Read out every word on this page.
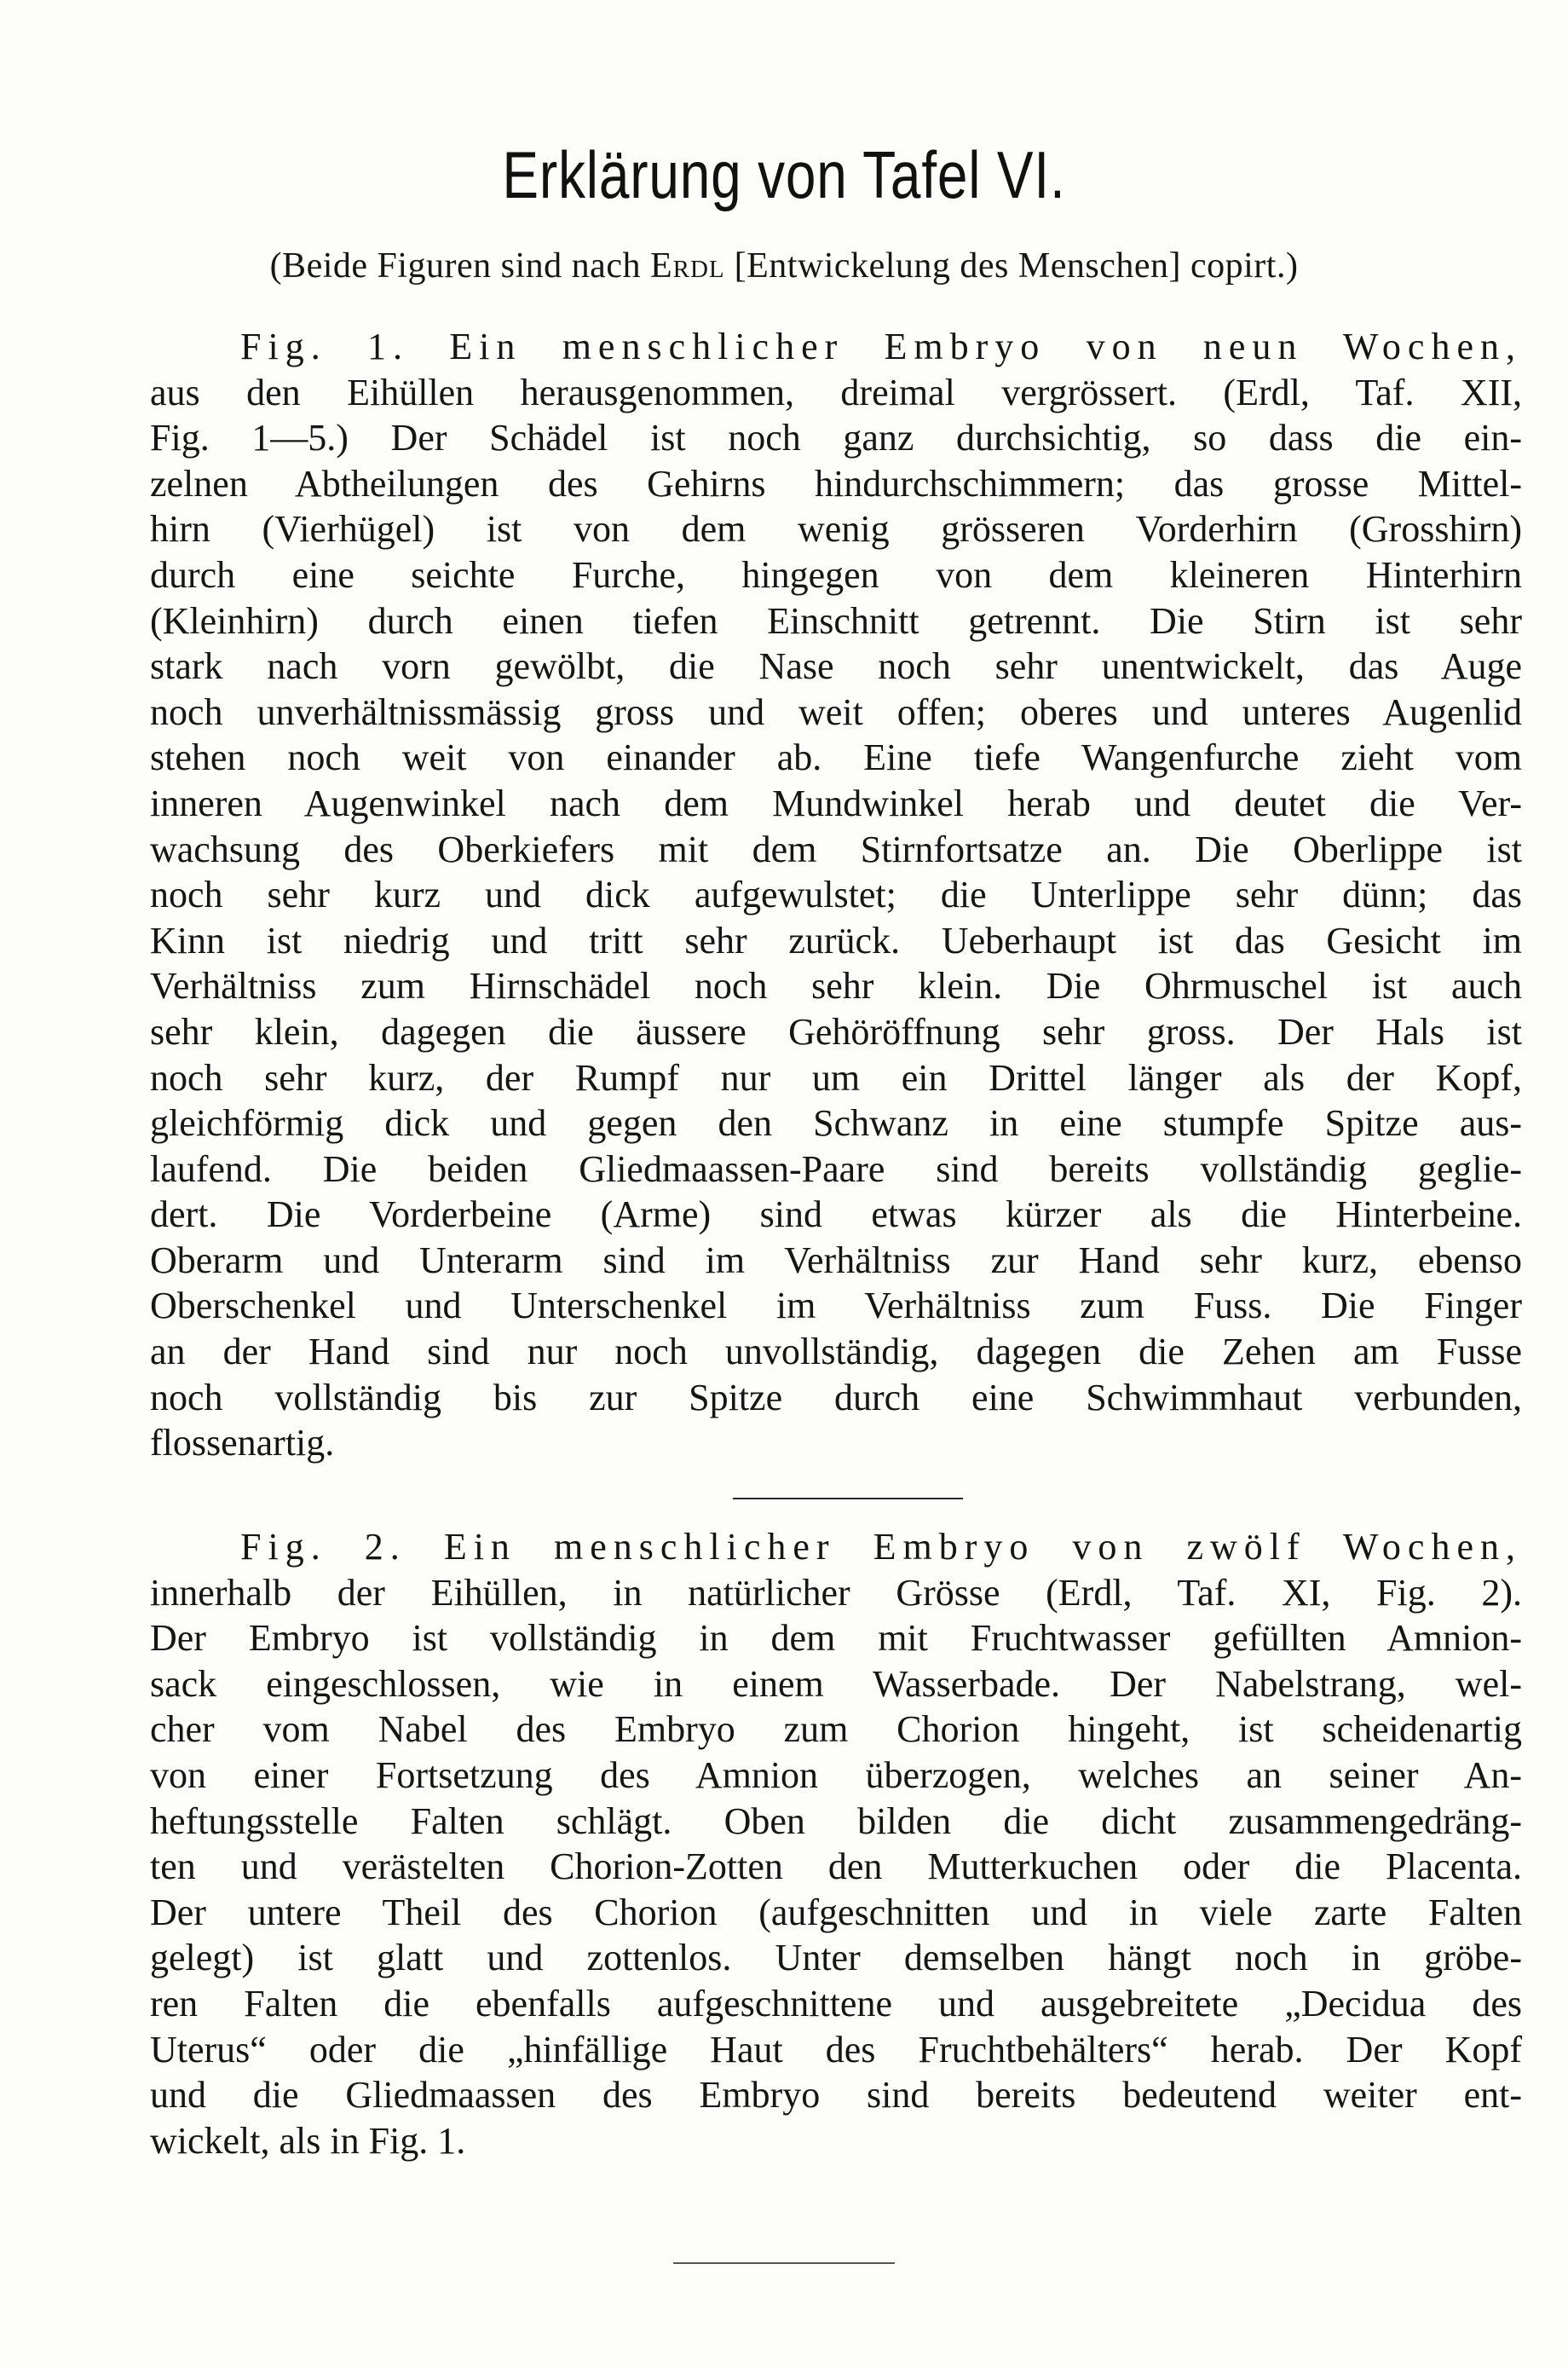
Erklärung von Tafel VI.
(Beide Figuren sind nach Erdl [Entwickelung des Menschen] copirt.)
Fig. 1. Ein menschlicher Embryo von neun Wochen,
aus den Eihüllen herausgenommen, dreimal vergrössert. (Erdl, Taf. XII,
Fig. 1—5.) Der Schädel ist noch ganz durchsichtig, so dass die ein-
zelnen Abtheilungen des Gehirns hindurchschimmern; das grosse Mittel-
hirn (Vierhügel) ist von dem wenig grösseren Vorderhirn (Grosshirn)
durch eine seichte Furche, hingegen von dem kleineren Hinterhirn
(Kleinhirn) durch einen tiefen Einschnitt getrennt. Die Stirn ist sehr
stark nach vorn gewölbt, die Nase noch sehr unentwickelt, das Auge
noch unverhältnissmässig gross und weit offen; oberes und unteres Augenlid
stehen noch weit von einander ab. Eine tiefe Wangenfurche zieht vom
inneren Augenwinkel nach dem Mundwinkel herab und deutet die Ver-
wachsung des Oberkiefers mit dem Stirnfortsatze an. Die Oberlippe ist
noch sehr kurz und dick aufgewulstet; die Unterlippe sehr dünn; das
Kinn ist niedrig und tritt sehr zurück. Ueberhaupt ist das Gesicht im
Verhältniss zum Hirnschädel noch sehr klein. Die Ohrmuschel ist auch
sehr klein, dagegen die äussere Gehöröffnung sehr gross. Der Hals ist
noch sehr kurz, der Rumpf nur um ein Drittel länger als der Kopf,
gleichförmig dick und gegen den Schwanz in eine stumpfe Spitze aus-
laufend. Die beiden Gliedmaassen-Paare sind bereits vollständig geglie-
dert. Die Vorderbeine (Arme) sind etwas kürzer als die Hinterbeine.
Oberarm und Unterarm sind im Verhältniss zur Hand sehr kurz, ebenso
Oberschenkel und Unterschenkel im Verhältniss zum Fuss. Die Finger
an der Hand sind nur noch unvollständig, dagegen die Zehen am Fusse
noch vollständig bis zur Spitze durch eine Schwimmhaut verbunden,
flossenartig.
Fig. 2. Ein menschlicher Embryo von zwölf Wochen,
innerhalb der Eihüllen, in natürlicher Grösse (Erdl, Taf. XI, Fig. 2).
Der Embryo ist vollständig in dem mit Fruchtwasser gefüllten Amnion-
sack eingeschlossen, wie in einem Wasserbade. Der Nabelstrang, wel-
cher vom Nabel des Embryo zum Chorion hingeht, ist scheidenartig
von einer Fortsetzung des Amnion überzogen, welches an seiner An-
heftungsstelle Falten schlägt. Oben bilden die dicht zusammengedräng-
ten und verästelten Chorion-Zotten den Mutterkuchen oder die Placenta.
Der untere Theil des Chorion (aufgeschnitten und in viele zarte Falten
gelegt) ist glatt und zottenlos. Unter demselben hängt noch in gröbe-
ren Falten die ebenfalls aufgeschnittene und ausgebreitete „Decidua des
Uterus“ oder die „hinfällige Haut des Fruchtbehälters“ herab. Der Kopf
und die Gliedmaassen des Embryo sind bereits bedeutend weiter ent-
wickelt, als in Fig. 1.
